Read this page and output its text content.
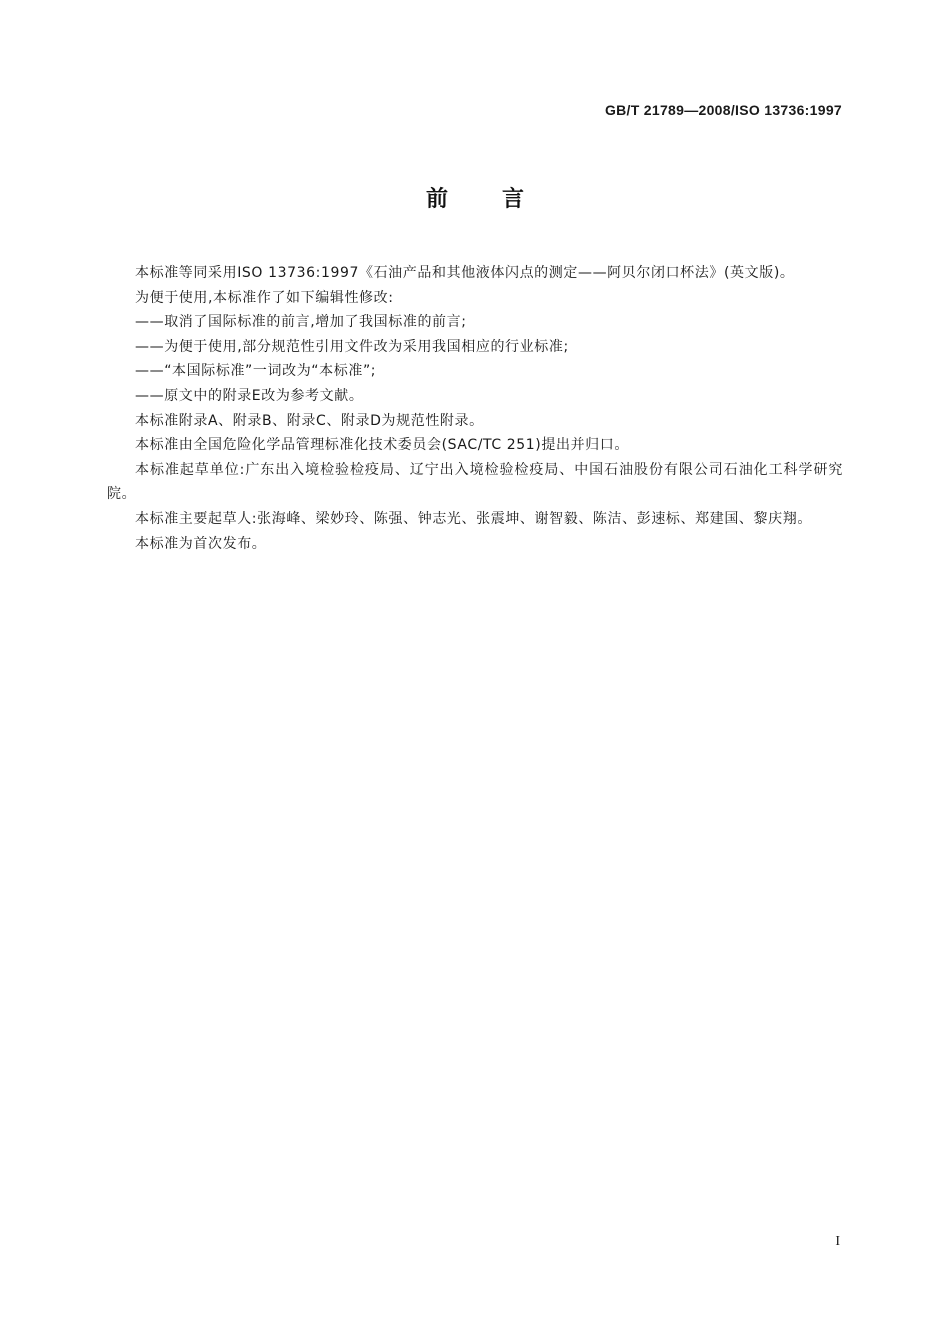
GB/T 21789—2008/ISO 13736:1997
前言

本标准等同采用ISO 13736:1997《石油产品和其他液体闪点的测定——阿贝尔闭口杯法》(英文版)。

为便于使用,本标准作了如下编辑性修改:

——取消了国际标准的前言,增加了我国标准的前言;

——为便于使用,部分规范性引用文件改为采用我国相应的行业标准;

——“本国际标准”一词改为“本标准”;

——原文中的附录E改为参考文献。

本标准附录A、附录B、附录C、附录D为规范性附录。

本标准由全国危险化学品管理标准化技术委员会(SAC/TC 251)提出并归口。

本标准起草单位:广东出入境检验检疫局、辽宁出入境检验检疫局、中国石油股份有限公司石油化工科学研究院。

本标准主要起草人:张海峰、梁妙玲、陈强、钟志光、张震坤、谢智毅、陈洁、彭速标、郑建国、黎庆翔。

本标准为首次发布。

I
